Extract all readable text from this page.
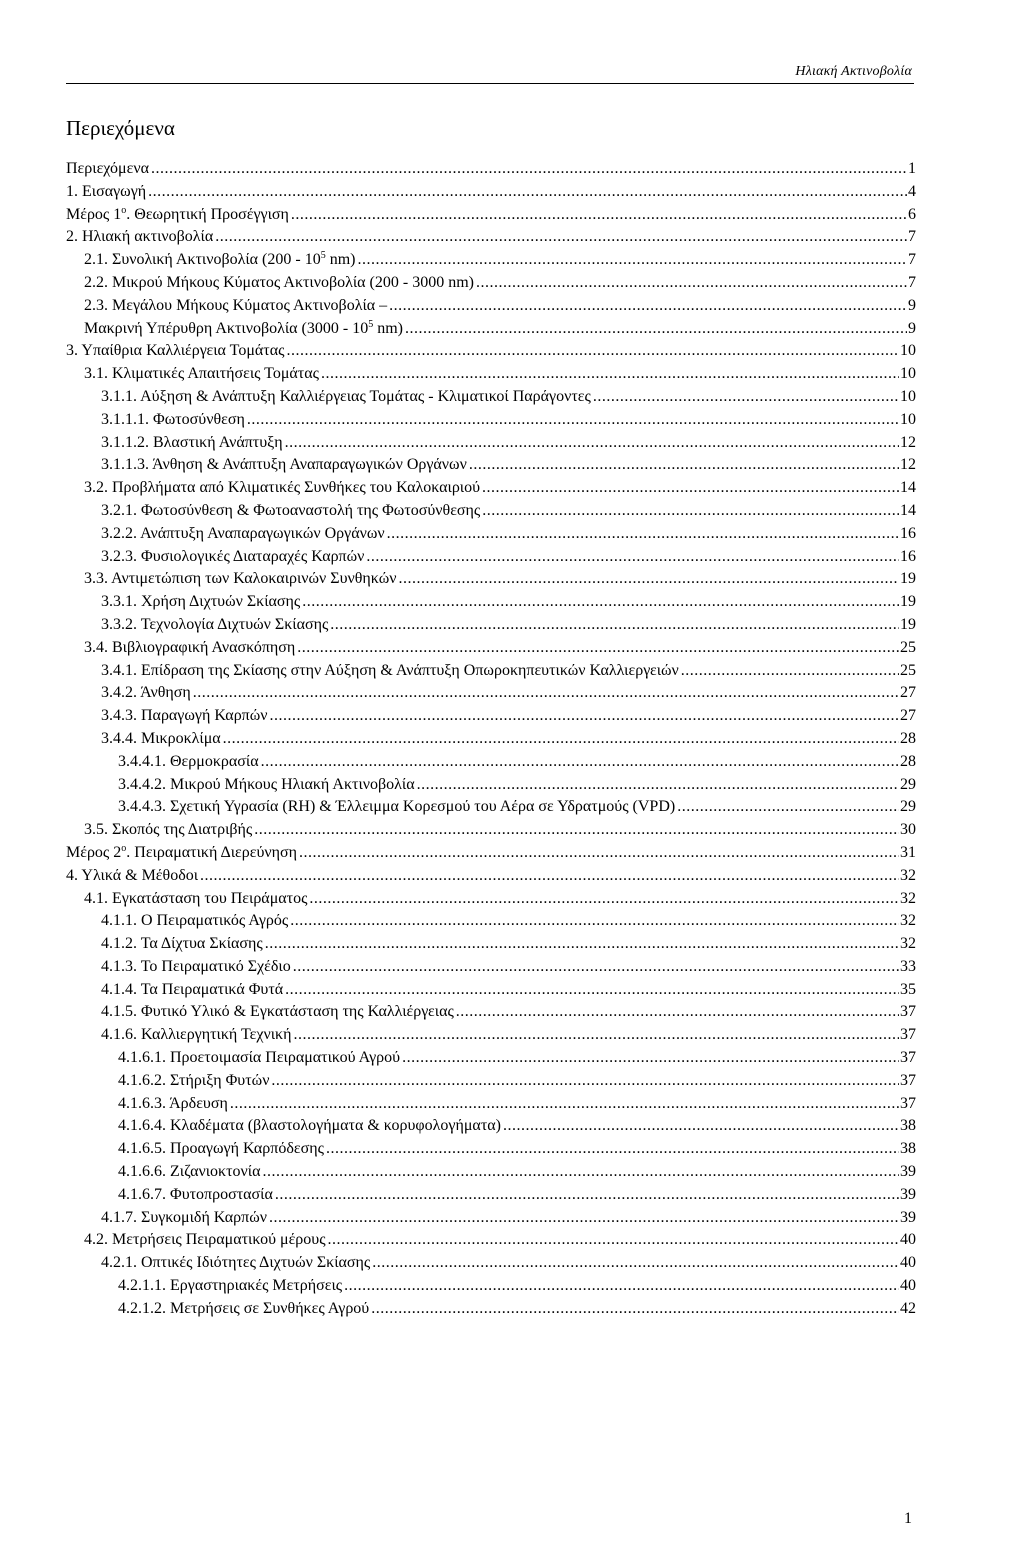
Ηλιακή Ακτινοβολία
Περιεχόμενα
Περιεχόμενα .....	1
1. Εισαγωγή .....	4
Μέρος $1^o$. Θεωρητική Προσέγγιση .....	6
2. Ηλιακή ακτινοβολία .....	7
2.1. Συνολική Ακτινοβολία ($200 - 10^5$ nm) .....	7
2.2. Μικρού Μήκους Κύματος Ακτινοβολία (200 - 3000 nm) .....	7
2.3. Μεγάλου Μήκους Κύματος Ακτινοβολία – .....	9
Μακρινή Υπέρυθρη Ακτινοβολία ($3000 - 10^5$ nm) .....	9
3. Υπαίθρια Καλλιέργεια Τομάτας .....	10
3.1. Κλιματικές Απαιτήσεις Τομάτας .....	10
3.1.1. Αύξηση & Ανάπτυξη Καλλιέργειας Τομάτας - Κλιματικοί Παράγοντες .....	10
3.1.1.1. Φωτοσύνθεση .....	10
3.1.1.2. Βλαστική Ανάπτυξη .....	12
3.1.1.3. Άνθηση & Ανάπτυξη Αναπαραγωγικών Οργάνων .....	12
3.2. Προβλήματα από Κλιματικές Συνθήκες του Καλοκαιριού .....	14
3.2.1. Φωτοσύνθεση & Φωτοαναστολή της Φωτοσύνθεσης .....	14
3.2.2. Ανάπτυξη Αναπαραγωγικών Οργάνων .....	16
3.2.3. Φυσιολογικές Διαταραχές Καρπών .....	16
3.3. Αντιμετώπιση των Καλοκαιρινών Συνθηκών .....	19
3.3.1. Χρήση Διχτυών Σκίασης .....	19
3.3.2. Τεχνολογία Διχτυών Σκίασης .....	19
3.4. Βιβλιογραφική Ανασκόπηση .....	25
3.4.1. Επίδραση της Σκίασης στην Αύξηση & Ανάπτυξη Οπωροκηπευτικών Καλλιεργειών .....	25
3.4.2. Άνθηση .....	27
3.4.3. Παραγωγή Καρπών .....	27
3.4.4. Μικροκλίμα .....	28
3.4.4.1. Θερμοκρασία .....	28
3.4.4.2. Μικρού Μήκους Ηλιακή Ακτινοβολία .....	29
3.4.4.3. Σχετική Υγρασία (RH) & Έλλειμμα Κορεσμού του Αέρα σε Υδρατμούς (VPD) .....	29
3.5. Σκοπός της Διατριβής .....	30
Μέρος $2^o$. Πειραματική Διερεύνηση .....	31
4. Υλικά & Μέθοδοι .....	32
4.1. Εγκατάσταση του Πειράματος .....	32
4.1.1. Ο Πειραματικός Αγρός .....	32
4.1.2. Τα Δίχτυα Σκίασης .....	32
4.1.3. Το Πειραματικό Σχέδιο .....	33
4.1.4. Τα Πειραματικά Φυτά .....	35
4.1.5. Φυτικό Υλικό & Εγκατάσταση της Καλλιέργειας .....	37
4.1.6. Καλλιεργητική Τεχνική .....	37
4.1.6.1. Προετοιμασία Πειραματικού Αγρού .....	37
4.1.6.2. Στήριξη Φυτών .....	37
4.1.6.3. Άρδευση .....	37
4.1.6.4. Κλαδέματα (βλαστολογήματα & κορυφολογήματα) .....	38
4.1.6.5. Προαγωγή Καρπόδεσης .....	38
4.1.6.6. Ζιζανιοκτονία .....	39
4.1.6.7. Φυτοπροστασία .....	39
4.1.7. Συγκομιδή Καρπών .....	39
4.2. Μετρήσεις Πειραματικού μέρους .....	40
4.2.1. Οπτικές Ιδιότητες Διχτυών Σκίασης .....	40
4.2.1.1. Εργαστηριακές Μετρήσεις .....	40
4.2.1.2. Μετρήσεις σε Συνθήκες Αγρού .....	42
1
